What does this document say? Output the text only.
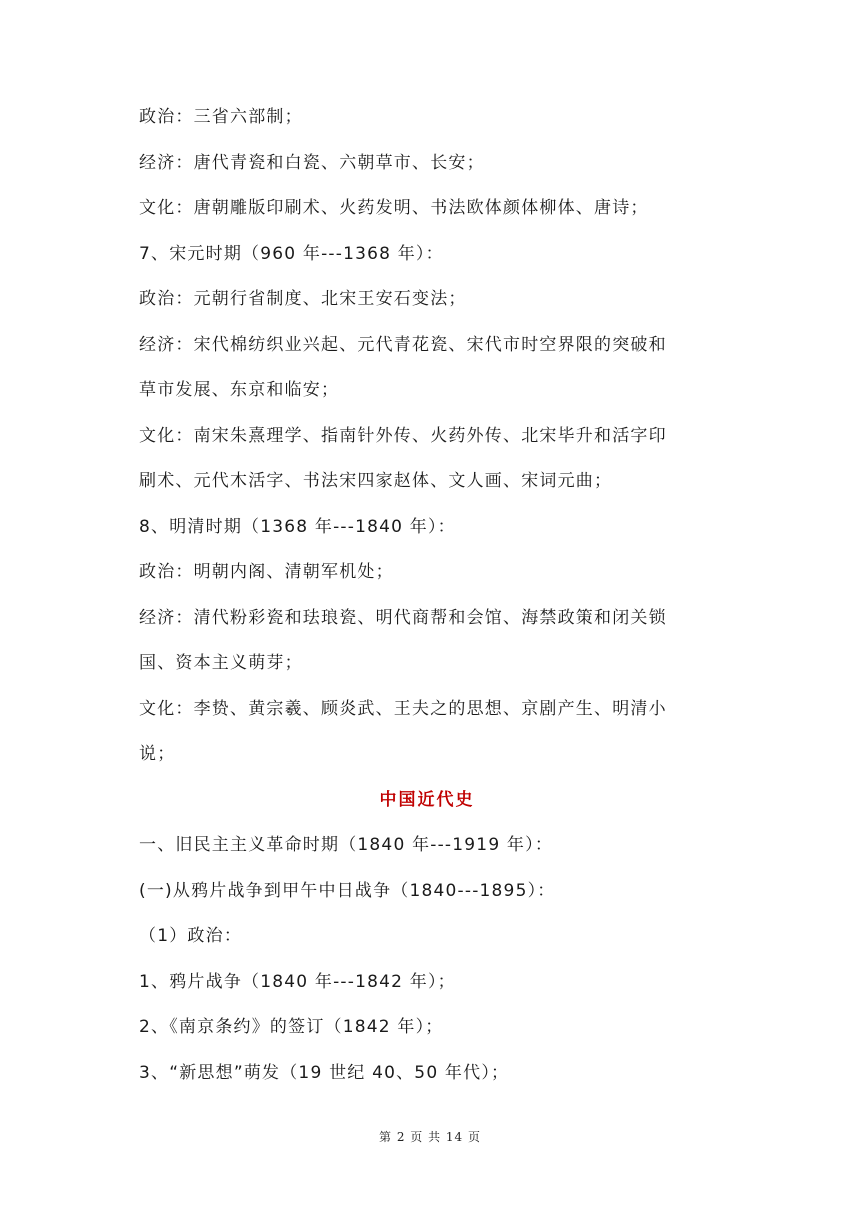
政治：三省六部制；
经济：唐代青瓷和白瓷、六朝草市、长安；
文化：唐朝雕版印刷术、火药发明、书法欧体颜体柳体、唐诗；
7、宋元时期（960 年---1368 年）：
政治：元朝行省制度、北宋王安石变法；
经济：宋代棉纺织业兴起、元代青花瓷、宋代市时空界限的突破和
草市发展、东京和临安；
文化：南宋朱熹理学、指南针外传、火药外传、北宋毕升和活字印
刷术、元代木活字、书法宋四家赵体、文人画、宋词元曲；
8、明清时期（1368 年---1840 年）：
政治：明朝内阁、清朝军机处；
经济：清代粉彩瓷和珐琅瓷、明代商帮和会馆、海禁政策和闭关锁
国、资本主义萌芽；
文化：李贽、黄宗羲、顾炎武、王夫之的思想、京剧产生、明清小
说；
中国近代史
一、旧民主主义革命时期（1840 年---1919 年）：
(一)从鸦片战争到甲午中日战争（1840---1895）：
（1）政治：
1、鸦片战争（1840 年---1842 年）；
2、《南京条约》的签订（1842 年）；
3、“新思想”萌发（19 世纪 40、50 年代）；
第 2 页 共 14 页
